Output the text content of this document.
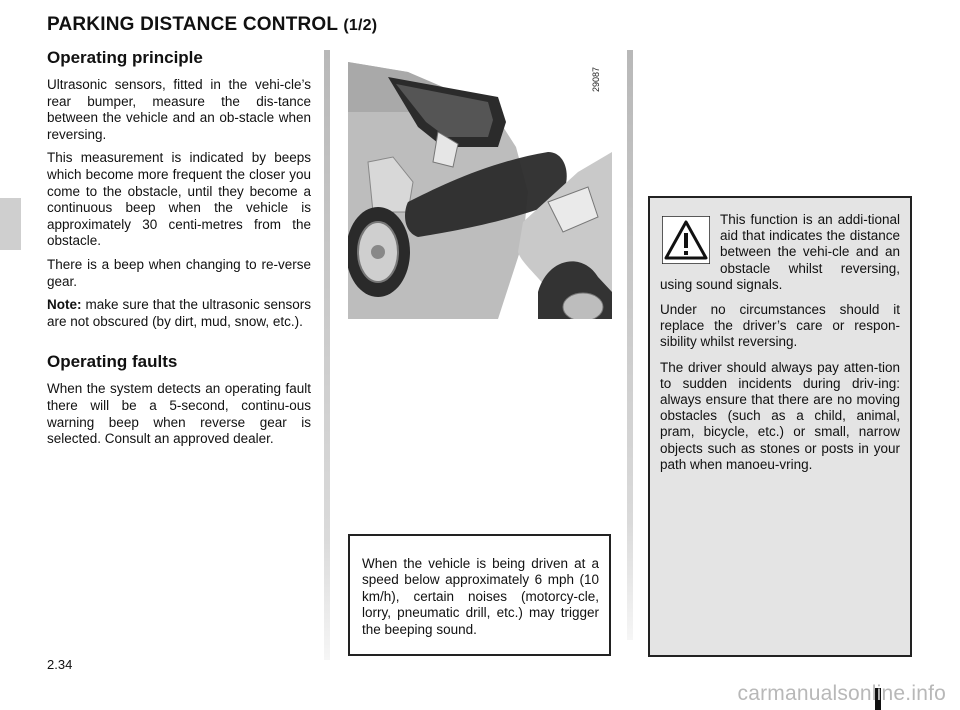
PARKING DISTANCE CONTROL (1/2)
Operating principle

Ultrasonic sensors, fitted in the vehi-cle’s rear bumper, measure the dis-tance between the vehicle and an ob-stacle when reversing.

This measurement is indicated by beeps which become more frequent the closer you come to the obstacle, until they become a continuous beep when the vehicle is approximately 30 centi-metres from the obstacle.

There is a beep when changing to re-verse gear.

Note: make sure that the ultrasonic sensors are not obscured (by dirt, mud, snow, etc.).

Operating faults

When the system detects an operating fault there will be a 5-second, continu-ous warning beep when reverse gear is selected. Consult an approved dealer.

29087

When the vehicle is being driven at a speed below approximately 6 mph (10 km/h), certain noises (motorcy-cle, lorry, pneumatic drill, etc.) may trigger the beeping sound.

This function is an addi-tional aid that indicates the distance between the vehi-cle and an obstacle whilst reversing, using sound signals.

Under no circumstances should it replace the driver’s care or respon-sibility whilst reversing.

The driver should always pay atten-tion to sudden incidents during driv-ing: always ensure that there are no moving obstacles (such as a child, animal, pram, bicycle, etc.) or small, narrow objects such as stones or posts in your path when manoeu-vring.

2.34
carmanualsonline.info
